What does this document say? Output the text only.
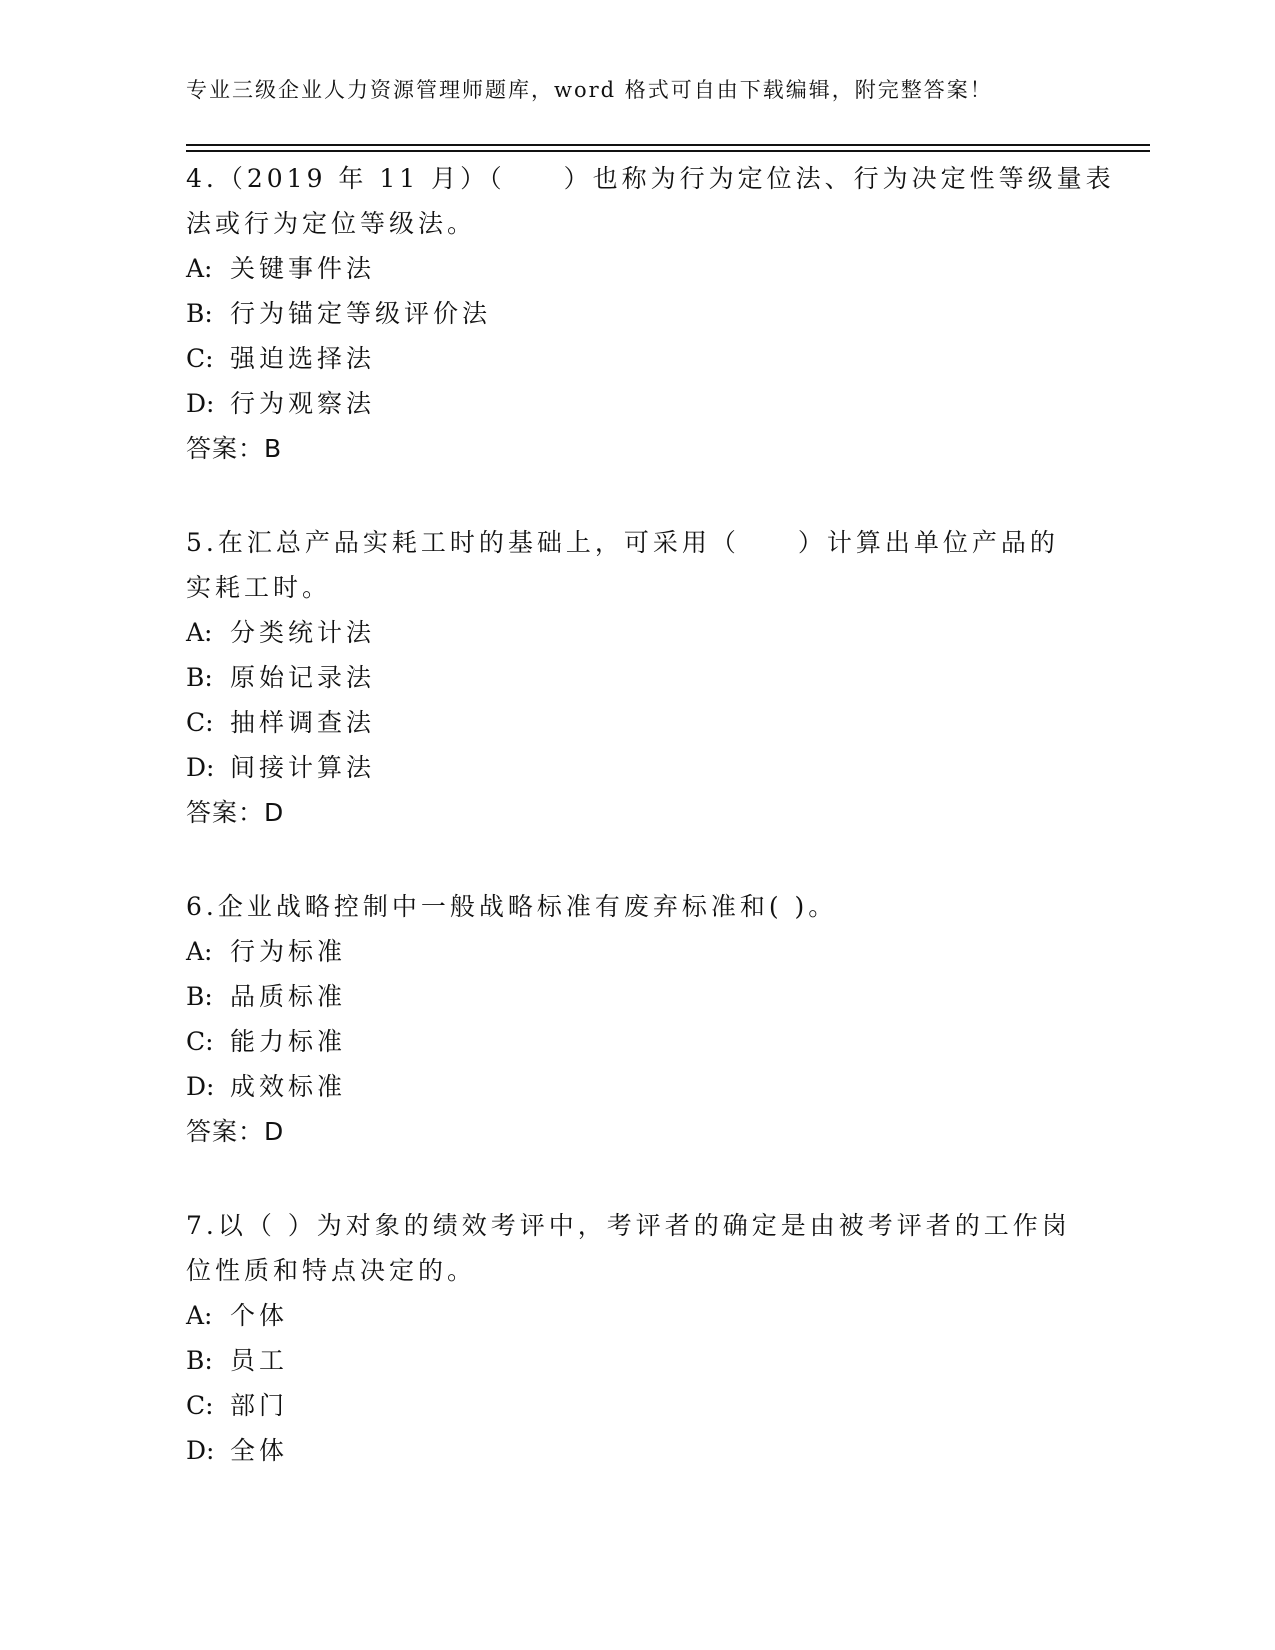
专业三级企业人力资源管理师题库，word 格式可自由下载编辑，附完整答案！

4.（2019 年 11 月）（　　）也称为行为定位法、行为决定性等级量表
法或行为定位等级法。

A: 关键事件法
B: 行为锚定等级评价法
C: 强迫选择法
D: 行为观察法
答案：B

5.在汇总产品实耗工时的基础上，可采用（　　）计算出单位产品的
实耗工时。

A: 分类统计法
B: 原始记录法
C: 抽样调查法
D: 间接计算法
答案：D

6.企业战略控制中一般战略标准有废弃标准和( )。

A: 行为标准
B: 品质标准
C: 能力标准
D: 成效标准
答案：D

7.以（ ）为对象的绩效考评中，考评者的确定是由被考评者的工作岗
位性质和特点决定的。

A: 个体
B: 员工
C: 部门
D: 全体
